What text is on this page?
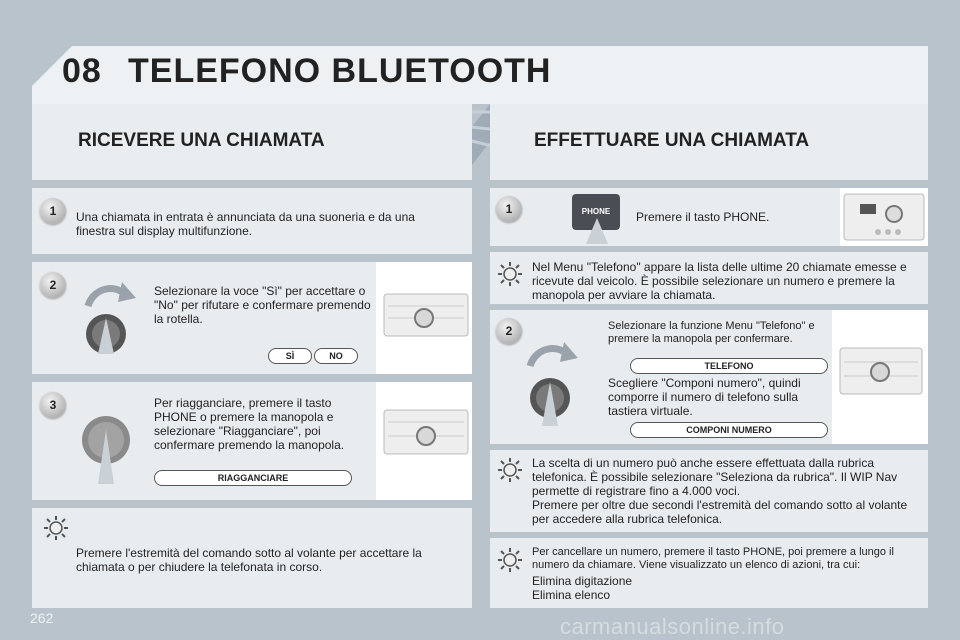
08 TELEFONO BLUETOOTH
RICEVERE UNA CHIAMATA	EFFETTUARE UNA CHIAMATA
1	Una chiamata in entrata è annunciata da una suoneria e da una finestra sul display multifunzione.
2	Selezionare la voce "Sì" per accettare o "No" per rifutare e confermare premendo la rotella.
SÌ	NO
3	Per riagganciare, premere il tasto PHONE o premere la manopola e selezionare "Riagganciare", poi confermare premendo la manopola.
RIAGGANCIARE
Premere l'estremità del comando sotto al volante per accettare la chiamata o per chiudere la telefonata in corso.
1	PHONE	Premere il tasto PHONE.
Nel Menu "Telefono" appare la lista delle ultime 20 chiamate emesse e ricevute dal veicolo. È possibile selezionare un numero e premere la manopola per avviare la chiamata.
2	Selezionare la funzione Menu "Telefono" e premere la manopola per confermare.
TELEFONO
Scegliere "Componi numero", quindi comporre il numero di telefono sulla tastiera virtuale.
COMPONI NUMERO
La scelta di un numero può anche essere effettuata dalla rubrica telefonica. È possibile selezionare "Seleziona da rubrica". Il WIP Nav permette di registrare fino a 4.000 voci.
Premere per oltre due secondi l'estremità del comando sotto al volante per accedere alla rubrica telefonica.
Per cancellare un numero, premere il tasto PHONE, poi premere a lungo il numero da chiamare. Viene visualizzato un elenco di azioni, tra cui:
Elimina digitazione
Elimina elenco
262	carmanualsonline.info
